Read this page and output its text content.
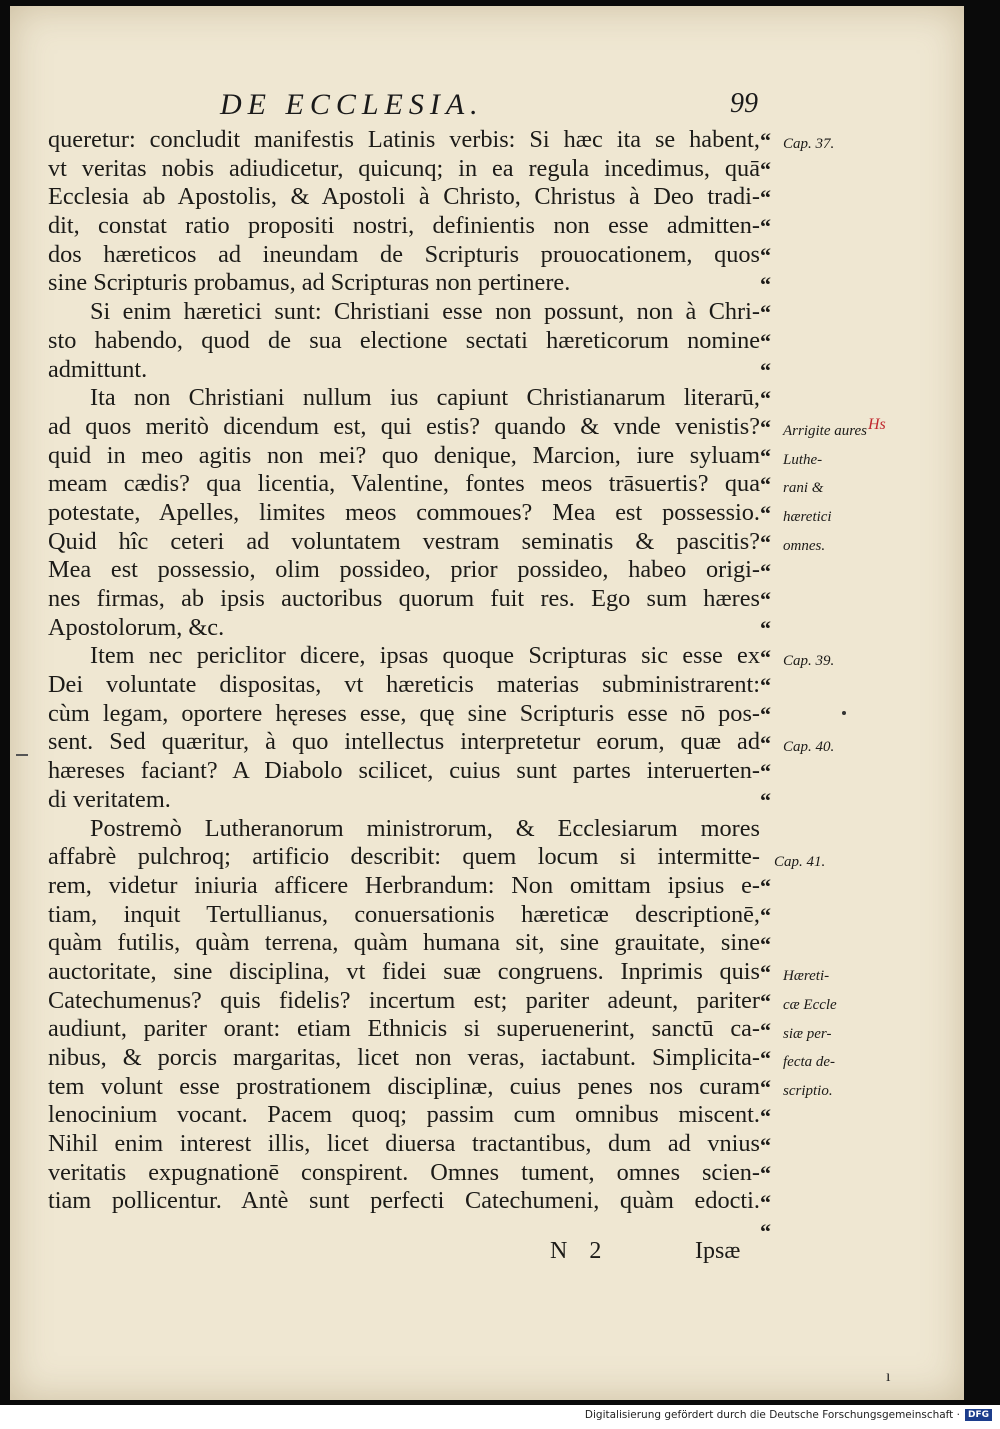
DE ECCLESIA.	99
queretur: concludit manifestis Latinis verbis: Si hæc ita se habent,
vt veritas nobis adiudicetur, quicunq; in ea regula incedimus, quā
Ecclesia ab Apostolis, & Apostoli à Christo, Christus à Deo tradi-
dit, constat ratio propositi nostri, definientis non esse admitten-
dos hæreticos ad ineundam de Scripturis prouocationem, quos
sine Scripturis probamus, ad Scripturas non pertinere.
Si enim hæretici sunt: Christiani esse non possunt, non à Chri-
sto habendo, quod de sua electione sectati hæreticorum nomine
admittunt.
Ita non Christiani nullum ius capiunt Christianarum literarū,
ad quos meritò dicendum est, qui estis? quando & vnde venistis?
quid in meo agitis non mei? quo denique, Marcion, iure syluam
meam cædis? qua licentia, Valentine, fontes meos trāsuertis? qua
potestate, Apelles, limites meos commoues? Mea est possessio.
Quid hîc ceteri ad voluntatem vestram seminatis & pascitis?
Mea est possessio, olim possideo, prior possideo, habeo origi-
nes firmas, ab ipsis auctoribus quorum fuit res. Ego sum hæres
Apostolorum, &c.
Item nec periclitor dicere, ipsas quoque Scripturas sic esse ex
Dei voluntate dispositas, vt hæreticis materias subministrarent:
cùm legam, oportere hęreses esse, quę sine Scripturis esse nō pos-
sent. Sed quæritur, à quo intellectus interpretetur eorum, quæ ad
hæreses faciant? A Diabolo scilicet, cuius sunt partes interuerten-
di veritatem.
Postremò Lutheranorum ministrorum, & Ecclesiarum mores
affabrè pulchroq; artificio describit: quem locum si intermitte-
rem, videtur iniuria afficere Herbrandum: Non omittam ipsius e-
tiam, inquit Tertullianus, conuersationis hæreticæ descriptionē,
quàm futilis, quàm terrena, quàm humana sit, sine grauitate, sine
auctoritate, sine disciplina, vt fidei suæ congruens. Inprimis quis
Catechumenus? quis fidelis? incertum est; pariter adeunt, pariter
audiunt, pariter orant: etiam Ethnicis si superuenerint, sanctū ca-
nibus, & porcis margaritas, licet non veras, iactabunt. Simplicita-
tem volunt esse prostrationem disciplinæ, cuius penes nos curam
lenocinium vocant. Pacem quoq; passim cum omnibus miscent.
Nihil enim interest illis, licet diuersa tractantibus, dum ad vnius
veritatis expugnationē conspirent. Omnes tument, omnes scien-
tiam pollicentur. Antè sunt perfecti Catechumeni, quàm edocti.
“ Cap. 37.
“
“
“
“
“
“
“
“
“
“ Arrigite aures
“ Luthe-
“ rani &
“ hæretici
“ omnes.
“
“
“
“ Cap. 39.
“
“
“ Cap. 40.
“
“
Cap. 41.
“
“
“
“ Hæreti-
“ cæ Eccle
“ siæ per-
“ fecta de-
“ scriptio.
“
“
“
“
“
Hs
ı
N 2	Ipsæ
Digitalisierung gefördert durch die Deutsche Forschungsgemeinschaft · DFG
